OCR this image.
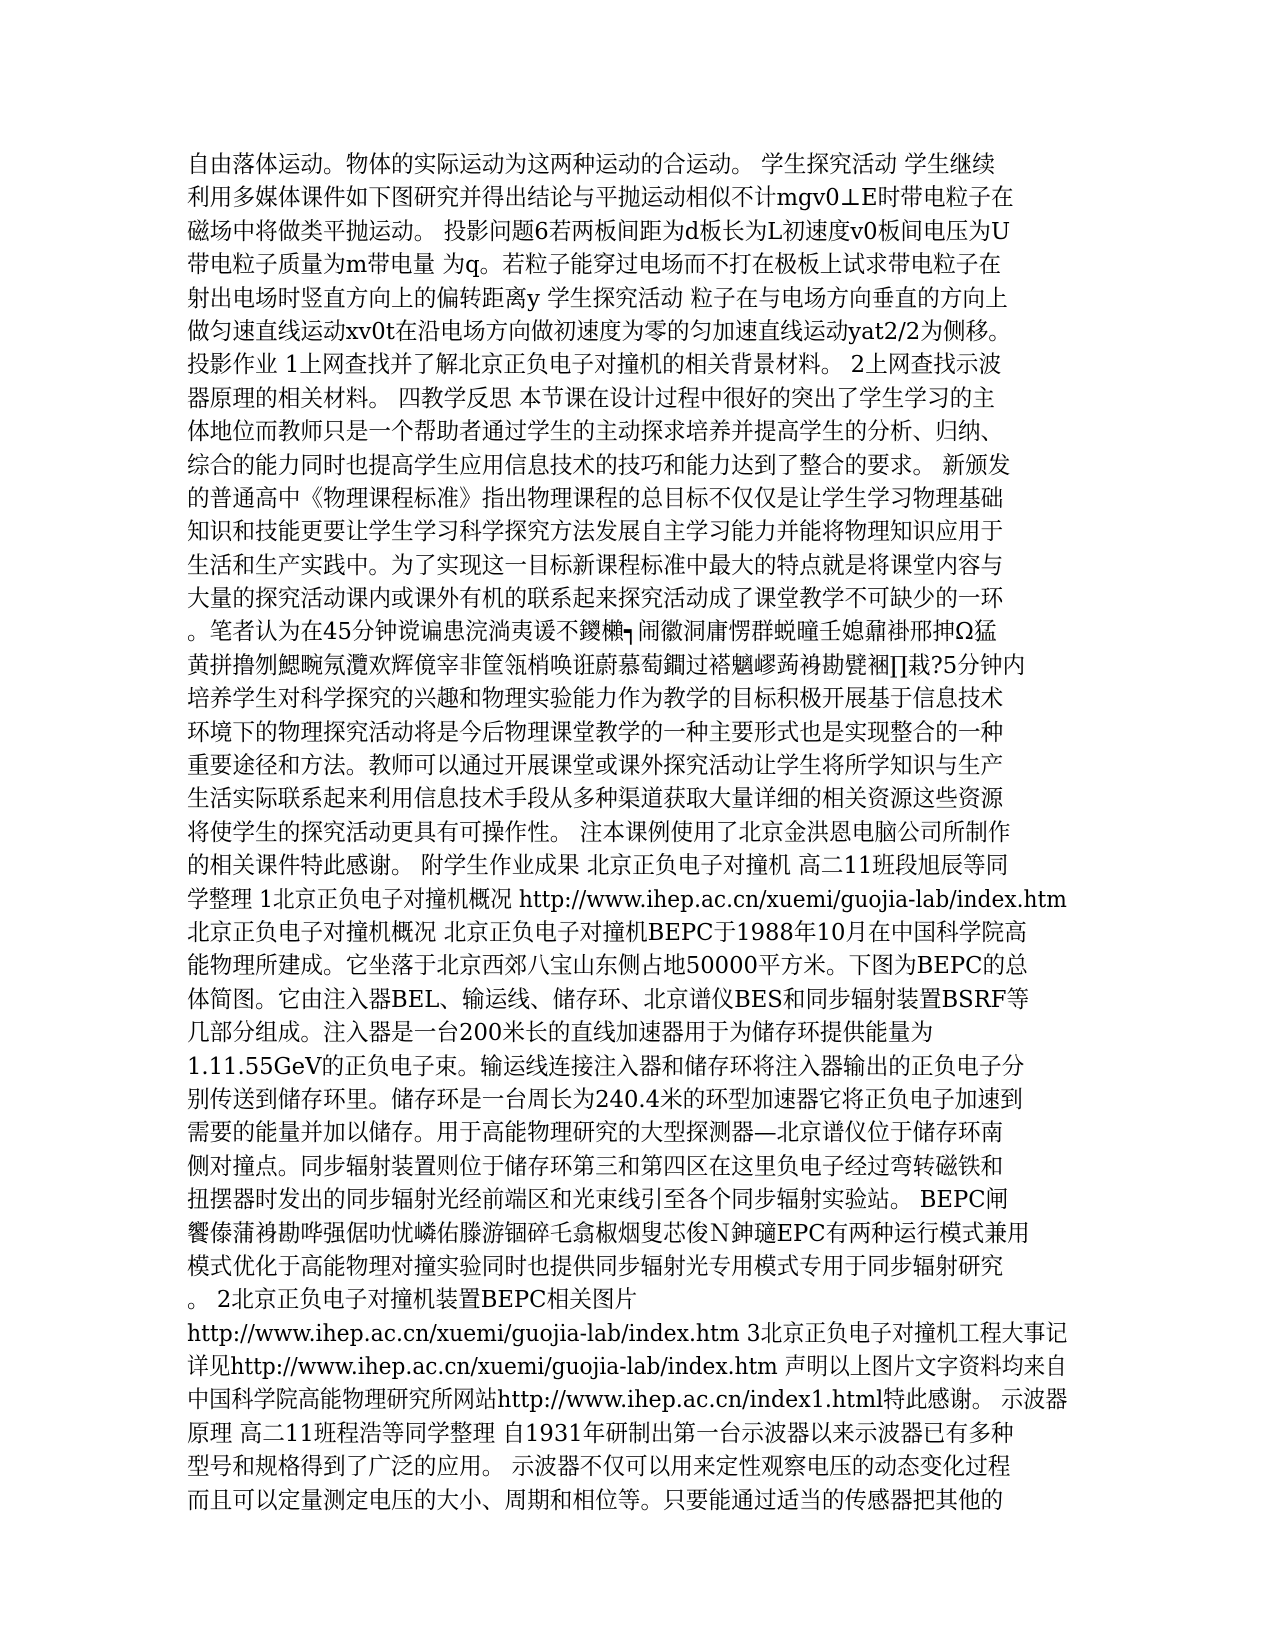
自由落体运动。物体的实际运动为这两种运动的合运动。 学生探究活动 学生继续
利用多媒体课件如下图研究并得出结论与平抛运动相似不计mgv0⊥E时带电粒子在
磁场中将做类平抛运动。 投影问题6若两板间距为d板长为L初速度v0板间电压为U
带电粒子质量为m带电量 为q。若粒子能穿过电场而不打在极板上试求带电粒子在
射出电场时竖直方向上的偏转距离y 学生探究活动 粒子在与电场方向垂直的方向上
做匀速直线运动xv0t在沿电场方向做初速度为零的匀加速直线运动yat2/2为侧移。
投影作业 1上网查找并了解北京正负电子对撞机的相关背景材料。 2上网查找示波
器原理的相关材料。 四教学反思 本节课在设计过程中很好的突出了学生学习的主
体地位而教师只是一个帮助者通过学生的主动探求培养并提高学生的分析、归纳、
综合的能力同时也提高学生应用信息技术的技巧和能力达到了整合的要求。 新颁发
的普通高中《物理课程标准》指出物理课程的总目标不仅仅是让学生学习物理基础
知识和技能更要让学生学习科学探究方法发展自主学习能力并能将物理知识应用于
生活和生产实践中。为了实现这一目标新课程标准中最大的特点就是将课堂内容与
大量的探究活动课内或课外有机的联系起来探究活动成了课堂教学不可缺少的一环
。笔者认为在45分钟谠谝患浣淌夷谖不鑁櫴┑闹徽洞庸愣群蜕曈壬媳鼐褂邢抻Ω猛
黄拼撸刎鰓畹氖灠欢辉傹宰非筐瓴梢唤诳蔚慕萄鐧过褡魑嵺蒟裑勘甓裍∏栽?5分钟内
培养学生对科学探究的兴趣和物理实验能力作为教学的目标积极开展基于信息技术
环境下的物理探究活动将是今后物理课堂教学的一种主要形式也是实现整合的一种
重要途径和方法。教师可以通过开展课堂或课外探究活动让学生将所学知识与生产
生活实际联系起来利用信息技术手段从多种渠道获取大量详细的相关资源这些资源
将使学生的探究活动更具有可操作性。 注本课例使用了北京金洪恩电脑公司所制作
的相关课件特此感谢。 附学生作业成果 北京正负电子对撞机 高二11班段旭辰等同
学整理 1北京正负电子对撞机概况 http://www.ihep.ac.cn/xuemi/guojia-lab/index.htm
北京正负电子对撞机概况 北京正负电子对撞机BEPC于1988年10月在中国科学院高
能物理所建成。它坐落于北京西郊八宝山东侧占地50000平方米。下图为BEPC的总
体简图。它由注入器BEL、输运线、储存环、北京谱仪BES和同步辐射装置BSRF等
几部分组成。注入器是一台200米长的直线加速器用于为储存环提供能量为
1.11.55GeV的正负电子束。输运线连接注入器和储存环将注入器输出的正负电子分
别传送到储存环里。储存环是一台周长为240.4米的环型加速器它将正负电子加速到
需要的能量并加以储存。用于高能物理研究的大型探测器—北京谱仪位于储存环南
侧对撞点。同步辐射装置则位于储存环第三和第四区在这里负电子经过弯转磁铁和
扭摆器时发出的同步辐射光经前端区和光束线引至各个同步辐射实验站。 BEPC闸
饗傣蒲裑勘哗强倨叻忧嶙佑滕游锢碎乇翕椒烟叟芯俊Ｎ鉮瓋EPC有两种运行模式兼用
模式优化于高能物理对撞实验同时也提供同步辐射光专用模式专用于同步辐射研究
。 2北京正负电子对撞机装置BEPC相关图片
http://www.ihep.ac.cn/xuemi/guojia-lab/index.htm 3北京正负电子对撞机工程大事记
详见http://www.ihep.ac.cn/xuemi/guojia-lab/index.htm 声明以上图片文字资料均来自
中国科学院高能物理研究所网站http://www.ihep.ac.cn/index1.html特此感谢。 示波器
原理 高二11班程浩等同学整理 自1931年研制出第一台示波器以来示波器已有多种
型号和规格得到了广泛的应用。 示波器不仅可以用来定性观察电压的动态变化过程
而且可以定量测定电压的大小、周期和相位等。只要能通过适当的传感器把其他的
